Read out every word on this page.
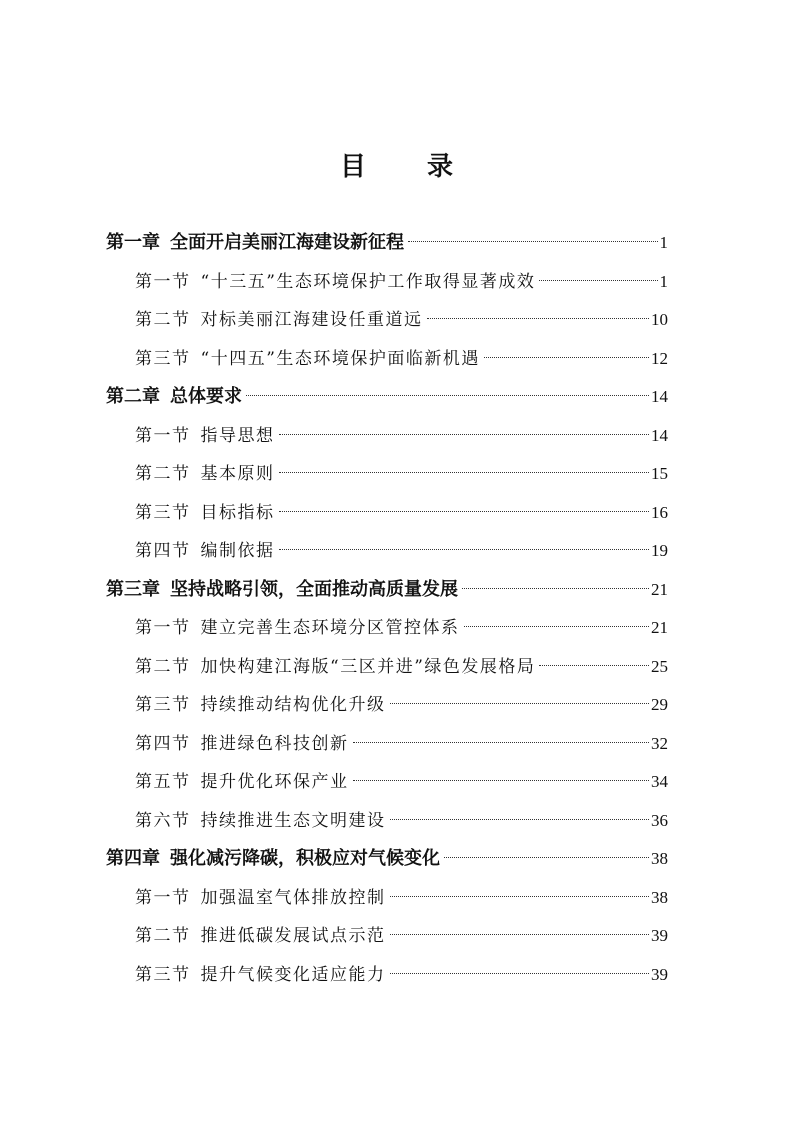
目 录
第一章 全面开启美丽江海建设新征程	1
第一节 “十三五”生态环境保护工作取得显著成效	1
第二节 对标美丽江海建设任重道远	10
第三节 “十四五”生态环境保护面临新机遇	12
第二章 总体要求	14
第一节 指导思想	14
第二节 基本原则	15
第三节 目标指标	16
第四节 编制依据	19
第三章 坚持战略引领，全面推动高质量发展	21
第一节 建立完善生态环境分区管控体系	21
第二节 加快构建江海版“三区并进”绿色发展格局	25
第三节 持续推动结构优化升级	29
第四节 推进绿色科技创新	32
第五节 提升优化环保产业	34
第六节 持续推进生态文明建设	36
第四章 强化减污降碳，积极应对气候变化	38
第一节 加强温室气体排放控制	38
第二节 推进低碳发展试点示范	39
第三节 提升气候变化适应能力	39
